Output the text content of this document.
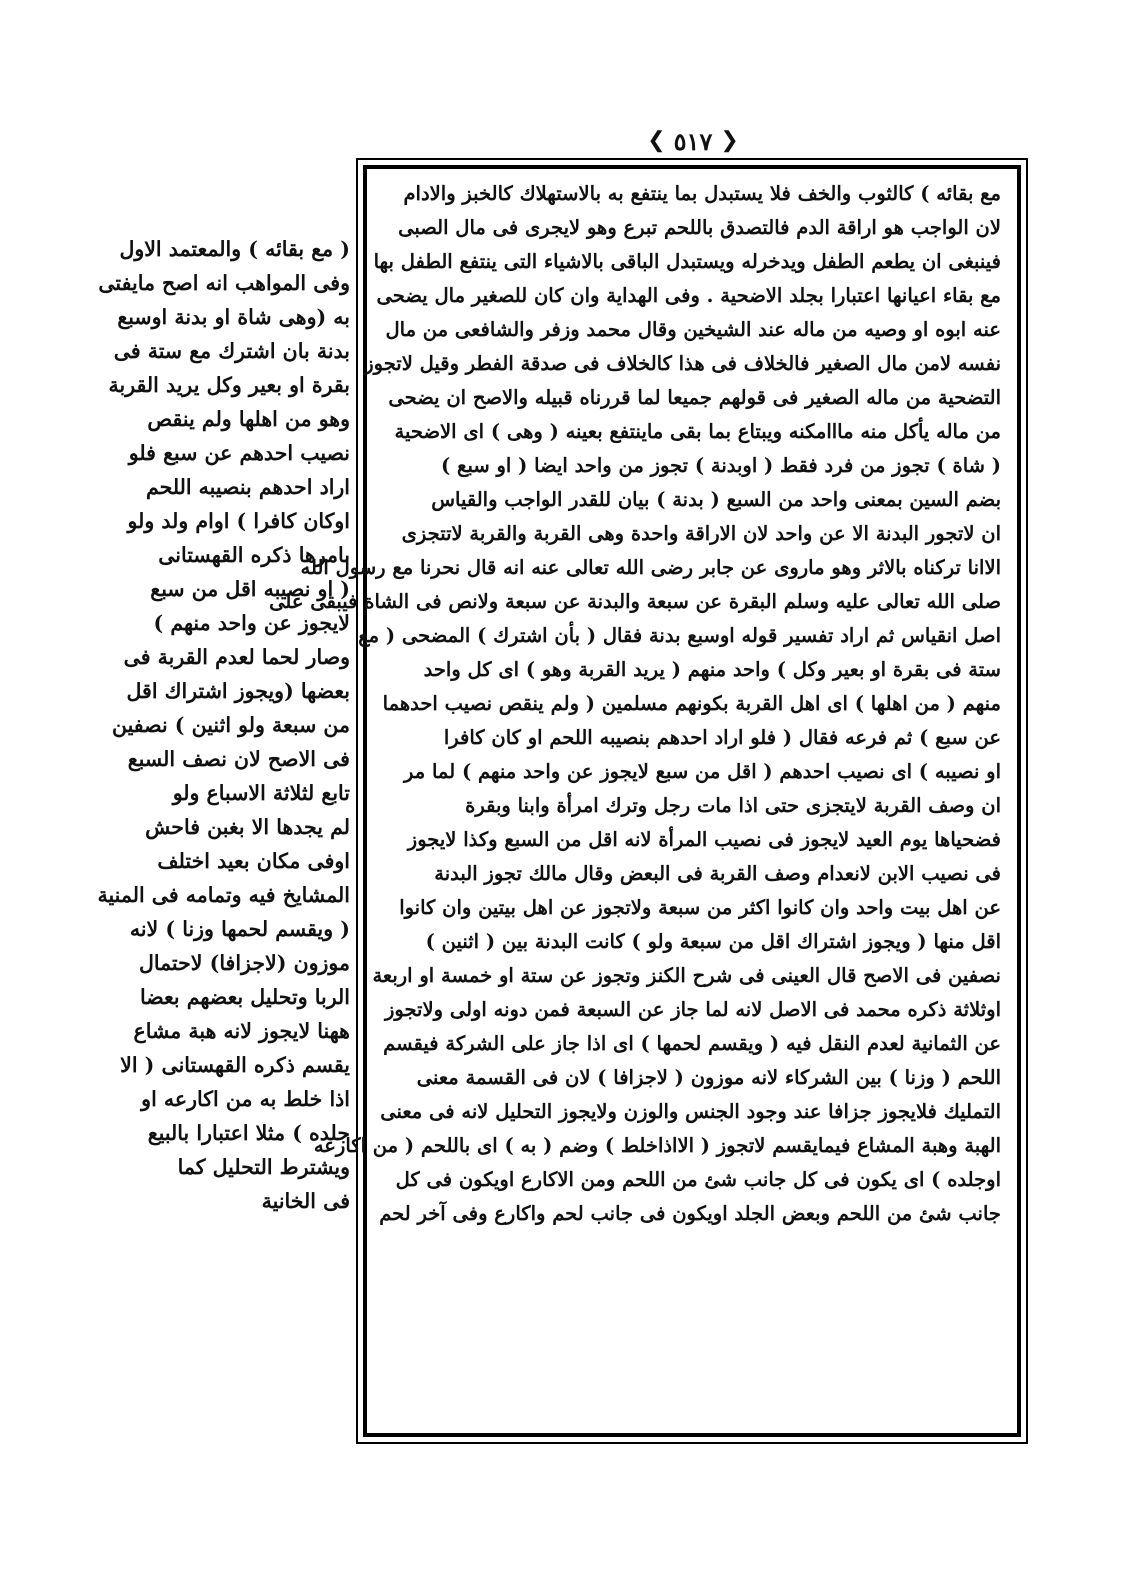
❮ ٥١٧ ❯
( مع بقائه ) والمعتمد الاول
وفى المواهب انه اصح مايفتى
به (وهى شاة او بدنة اوسبع
بدنة بان اشترك مع ستة فى
بقرة او بعير وكل يريد القربة
وهو من اهلها ولم ينقص
نصيب احدهم عن سبع فلو
اراد احدهم بنصيبه اللحم
اوكان كافرا ) اوام ولد ولو
بامرها ذكره القهستانى
( او نصيبه اقل من سبع
لايجوز عن واحد منهم )
وصار لحما لعدم القربة فى
بعضها (ويجوز اشتراك اقل
من سبعة ولو اثنين ) نصفين
فى الاصح لان نصف السبع
تابع لثلاثة الاسباع ولو
لم يجدها الا بغبن فاحش
اوفى مكان بعيد اختلف
المشايخ فيه وتمامه فى المنية
( ويقسم لحمها وزنا ) لانه
موزون (لاجزافا) لاحتمال
الربا وتحليل بعضهم بعضا
ههنا لايجوز لانه هبة مشاع
يقسم ذكره القهستانى ( الا
اذا خلط به من اكارعه او
جلده ) مثلا اعتبارا بالبيع
ويشترط التحليل كما
فى الخانية
مع بقائه ) كالثوب والخف فلا يستبدل بما ينتفع به بالاستهلاك كالخبز والادام
لان الواجب هو اراقة الدم فالتصدق باللحم تبرع وهو لايجرى فى مال الصبى
فينبغى ان يطعم الطفل ويدخرله ويستبدل الباقى بالاشياء التى ينتفع الطفل بها
مع بقاء اعيانها اعتبارا بجلد الاضحية . وفى الهداية وان كان للصغير مال يضحى
عنه ابوه او وصيه من ماله عند الشيخين وقال محمد وزفر والشافعى من مال
نفسه لامن مال الصغير فالخلاف فى هذا كالخلاف فى صدقة الفطر وقيل لاتجوز
التضحية من ماله الصغير فى قولهم جميعا لما قررناه قبيله والاصح ان يضحى
من ماله يأكل منه مااامكنه ويبتاع بما بقى ماينتفع بعينه ( وهى ) اى الاضحية
( شاة ) تجوز من فرد فقط ( اوبدنة ) تجوز من واحد ايضا ( او سبع )
بضم السين بمعنى واحد من السبع ( بدنة ) بيان للقدر الواجب والقياس
ان لاتجور البدنة الا عن واحد لان الاراقة واحدة وهى القربة والقربة لاتتجزى
الاانا تركناه بالاثر وهو ماروى عن جابر رضى الله تعالى عنه انه قال نحرنا مع رسول الله
صلى الله تعالى عليه وسلم البقرة عن سبعة والبدنة عن سبعة ولانص فى الشاة فيبقى على
اصل انقياس ثم اراد تفسير قوله اوسبع بدنة فقال ( بأن اشترك ) المضحى ( مع
ستة فى بقرة او بعير وكل ) واحد منهم ( يريد القربة وهو ) اى كل واحد
منهم ( من اهلها ) اى اهل القربة بكونهم مسلمين ( ولم ينقص نصيب احدهما
عن سبع ) ثم فرعه فقال ( فلو اراد احدهم بنصيبه اللحم او كان كافرا
او نصيبه ) اى نصيب احدهم ( اقل من سبع لايجوز عن واحد منهم ) لما مر
ان وصف القربة لايتجزى حتى اذا مات رجل وترك امرأة وابنا وبقرة
فضحياها يوم العيد لايجوز فى نصيب المرأة لانه اقل من السبع وكذا لايجوز
فى نصيب الابن لانعدام وصف القربة فى البعض وقال مالك تجوز البدنة
عن اهل بيت واحد وان كانوا اكثر من سبعة ولاتجوز عن اهل بيتين وان كانوا
اقل منها ( ويجوز اشتراك اقل من سبعة ولو ) كانت البدنة بين ( اثنين )
نصفين فى الاصح قال العينى فى شرح الكنز وتجوز عن ستة او خمسة او اربعة
اوثلاثة ذكره محمد فى الاصل لانه لما جاز عن السبعة فمن دونه اولى ولاتجوز
عن الثمانية لعدم النقل فيه ( ويقسم لحمها ) اى اذا جاز على الشركة فيقسم
اللحم ( وزنا ) بين الشركاء لانه موزون ( لاجزافا ) لان فى القسمة معنى
التمليك فلايجوز جزافا عند وجود الجنس والوزن ولايجوز التحليل لانه فى معنى
الهبة وهبة المشاع فيمايقسم لاتجوز ( الااذاخلط ) وضم ( به ) اى باللحم ( من اكارعه
اوجلده ) اى يكون فى كل جانب شئ من اللحم ومن الاكارع اويكون فى كل
جانب شئ من اللحم وبعض الجلد اويكون فى جانب لحم واكارع وفى آخر لحم
